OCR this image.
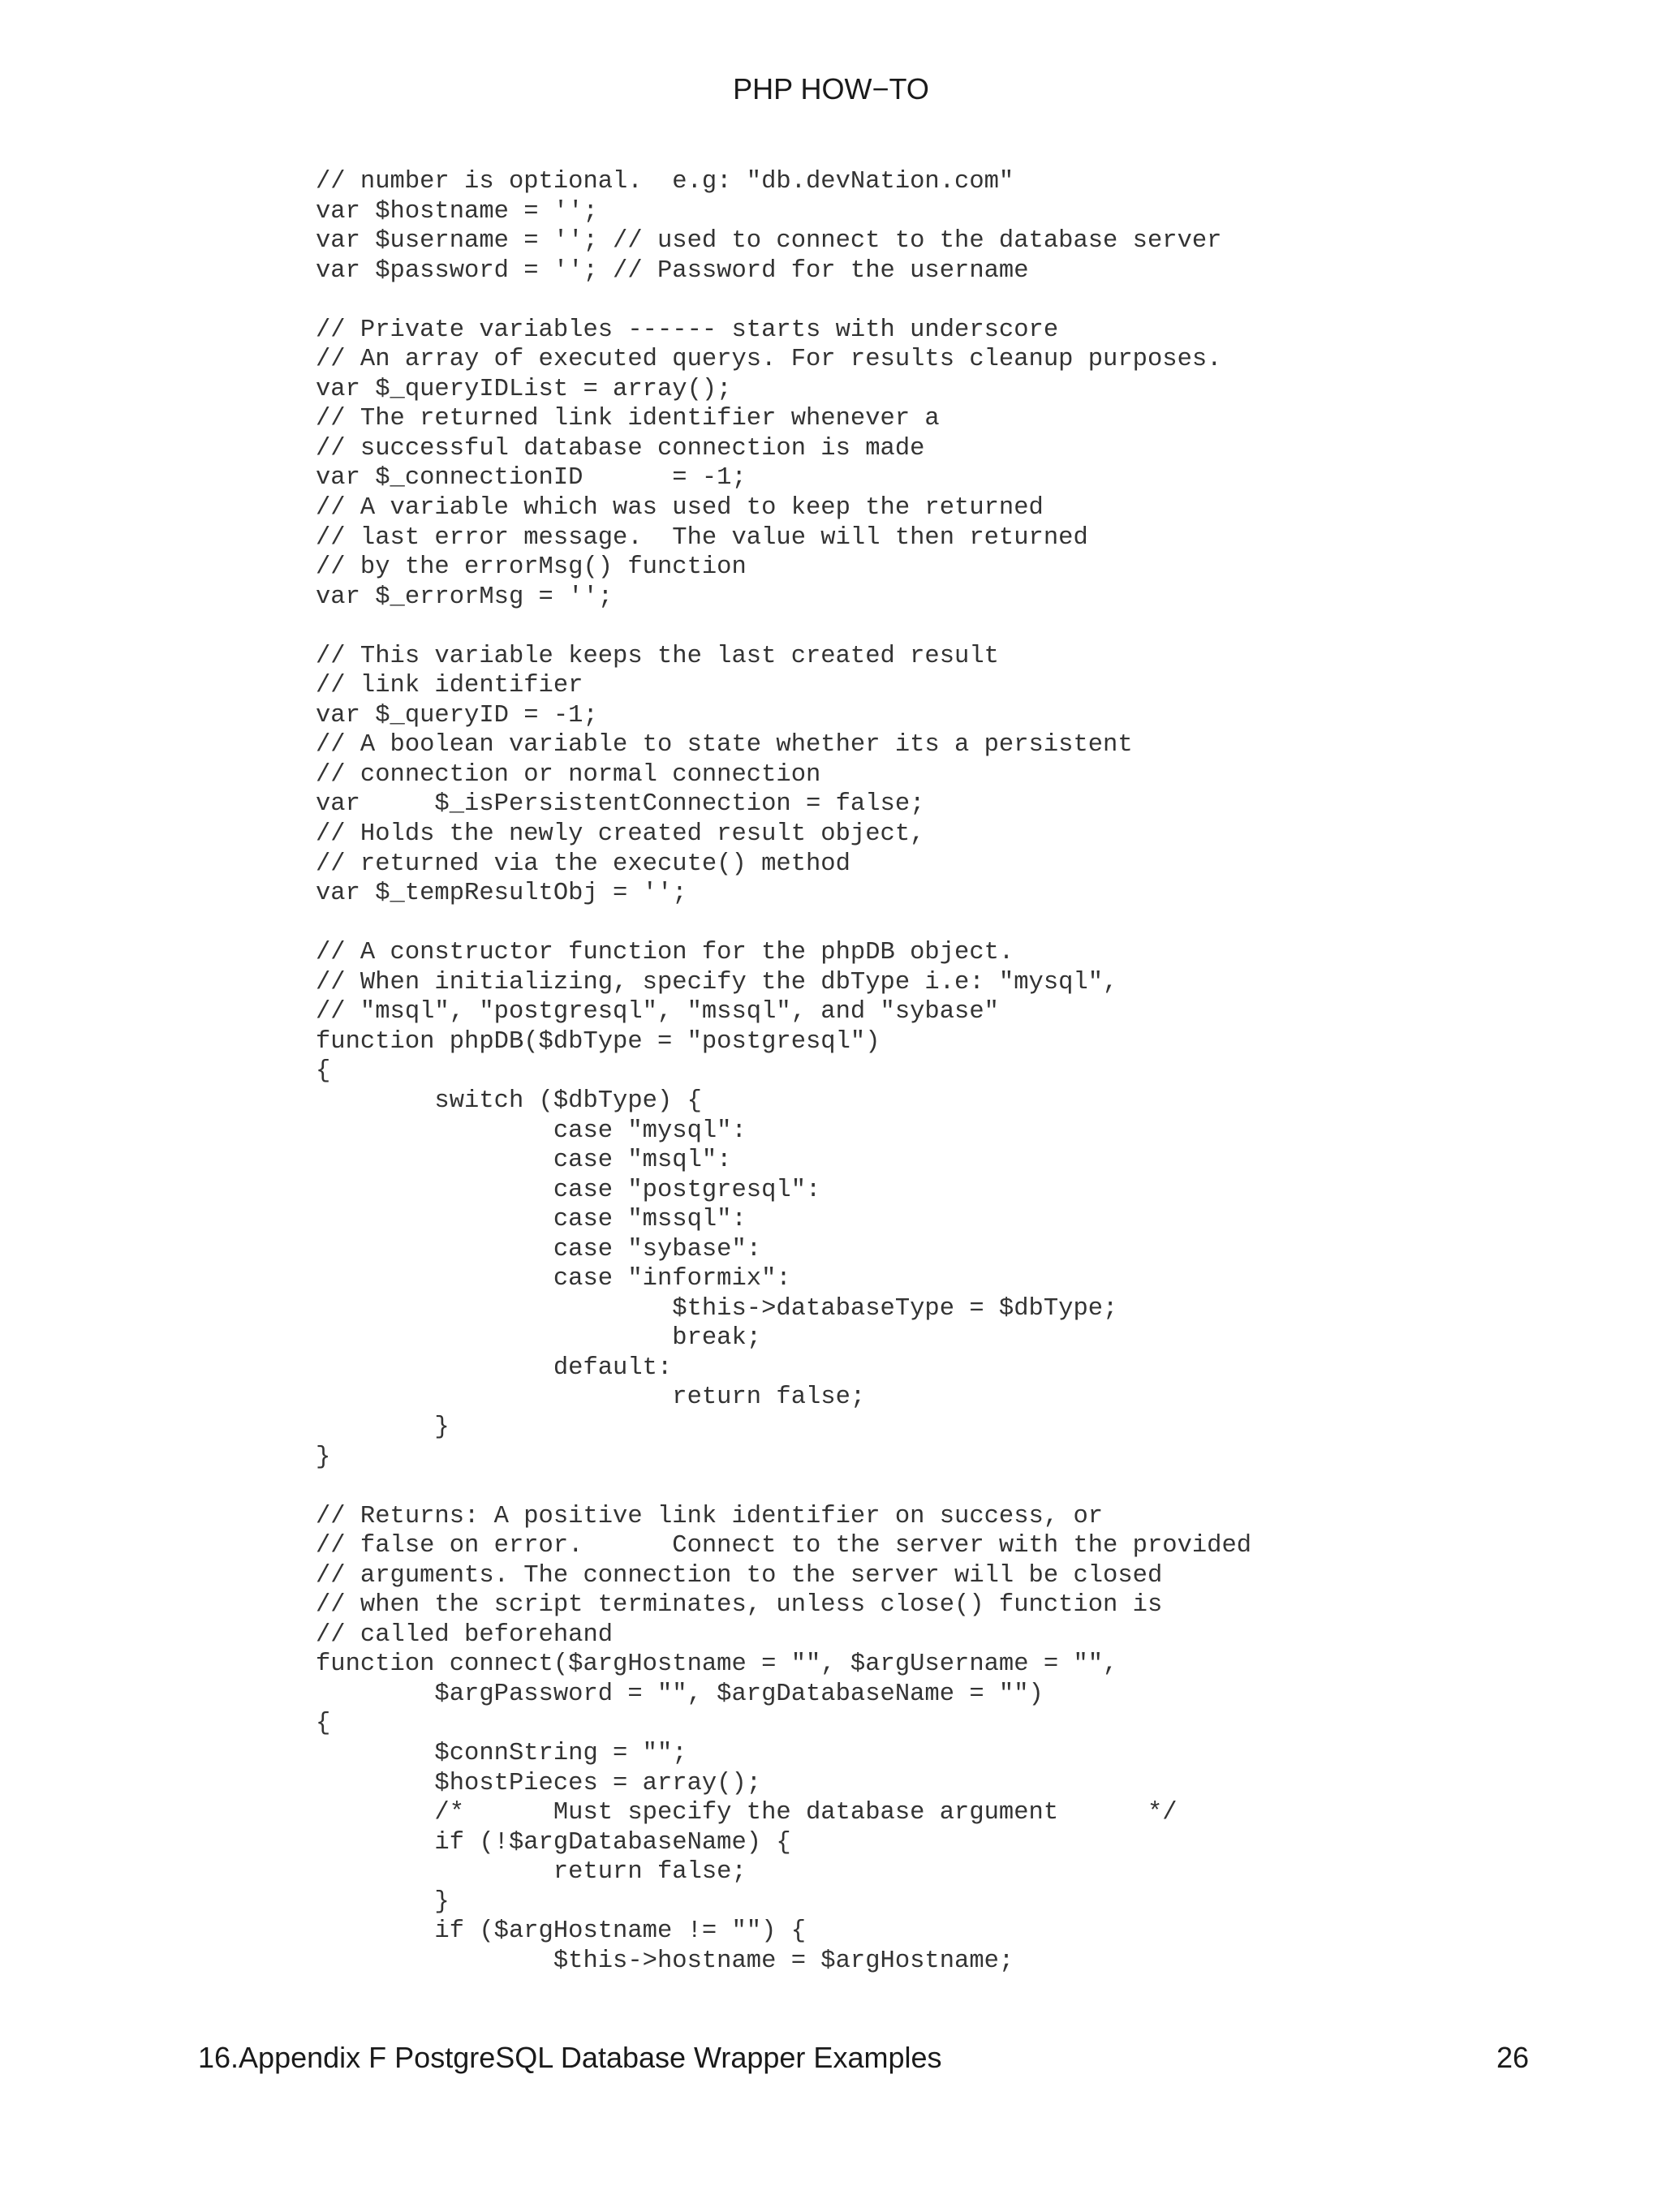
PHP HOW−TO
// number is optional.  e.g: "db.devNation.com"
var $hostname = '';
var $username = ''; // used to connect to the database server
var $password = ''; // Password for the username
// Private variables ------ starts with underscore
// An array of executed querys. For results cleanup purposes.
var $_queryIDList = array();
// The returned link identifier whenever a
// successful database connection is made
var $_connectionID      = -1;
// A variable which was used to keep the returned
// last error message.  The value will then returned
// by the errorMsg() function
var $_errorMsg = '';
// This variable keeps the last created result
// link identifier
var $_queryID = -1;
// A boolean variable to state whether its a persistent
// connection or normal connection
var     $_isPersistentConnection = false;
// Holds the newly created result object,
// returned via the execute() method
var $_tempResultObj = '';
// A constructor function for the phpDB object.
// When initializing, specify the dbType i.e: "mysql",
// "msql", "postgresql", "mssql", and "sybase"
function phpDB($dbType = "postgresql")
{
switch ($dbType) {
case "mysql":
case "msql":
case "postgresql":
case "mssql":
case "sybase":
case "informix":
$this->databaseType = $dbType;
break;
default:
return false;
}
}
// Returns: A positive link identifier on success, or
// false on error.      Connect to the server with the provided
// arguments. The connection to the server will be closed
// when the script terminates, unless close() function is
// called beforehand
function connect($argHostname = "", $argUsername = "",
$argPassword = "", $argDatabaseName = "")
{
$connString = "";
$hostPieces = array();
/*      Must specify the database argument      */
if (!$argDatabaseName) {
return false;
}
if ($argHostname != "") {
$this->hostname = $argHostname;
16.Appendix F PostgreSQL Database Wrapper Examples	26
